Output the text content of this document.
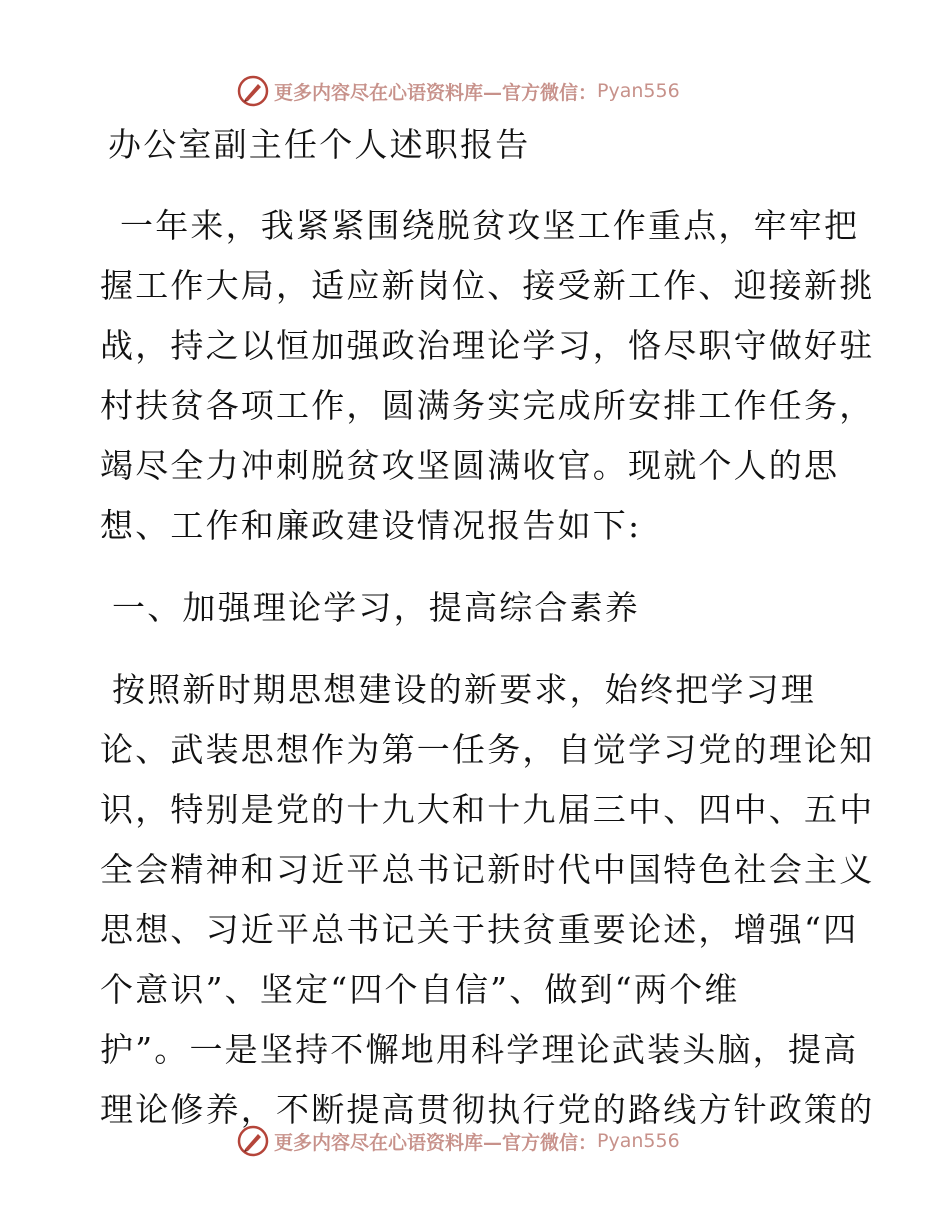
更多内容尽在心语资料库—官方微信： Pyan556
办公室副主任个人述职报告
一年来，我紧紧围绕脱贫攻坚工作重点，牢牢把
握工作大局，适应新岗位、接受新工作、迎接新挑
战，持之以恒加强政治理论学习，恪尽职守做好驻
村扶贫各项工作，圆满务实完成所安排工作任务，
竭尽全力冲刺脱贫攻坚圆满收官。现就个人的思
想、工作和廉政建设情况报告如下:
一、加强理论学习，提高综合素养
按照新时期思想建设的新要求，始终把学习理
论、武装思想作为第一任务，自觉学习党的理论知
识，特别是党的十九大和十九届三中、四中、五中
全会精神和习近平总书记新时代中国特色社会主义
思想、习近平总书记关于扶贫重要论述，增强“四
个意识”、坚定“四个自信”、做到“两个维
护”。一是坚持不懈地用科学理论武装头脑，提高
理论修养，不断提高贯彻执行党的路线方针政策的
更多内容尽在心语资料库—官方微信： Pyan556
